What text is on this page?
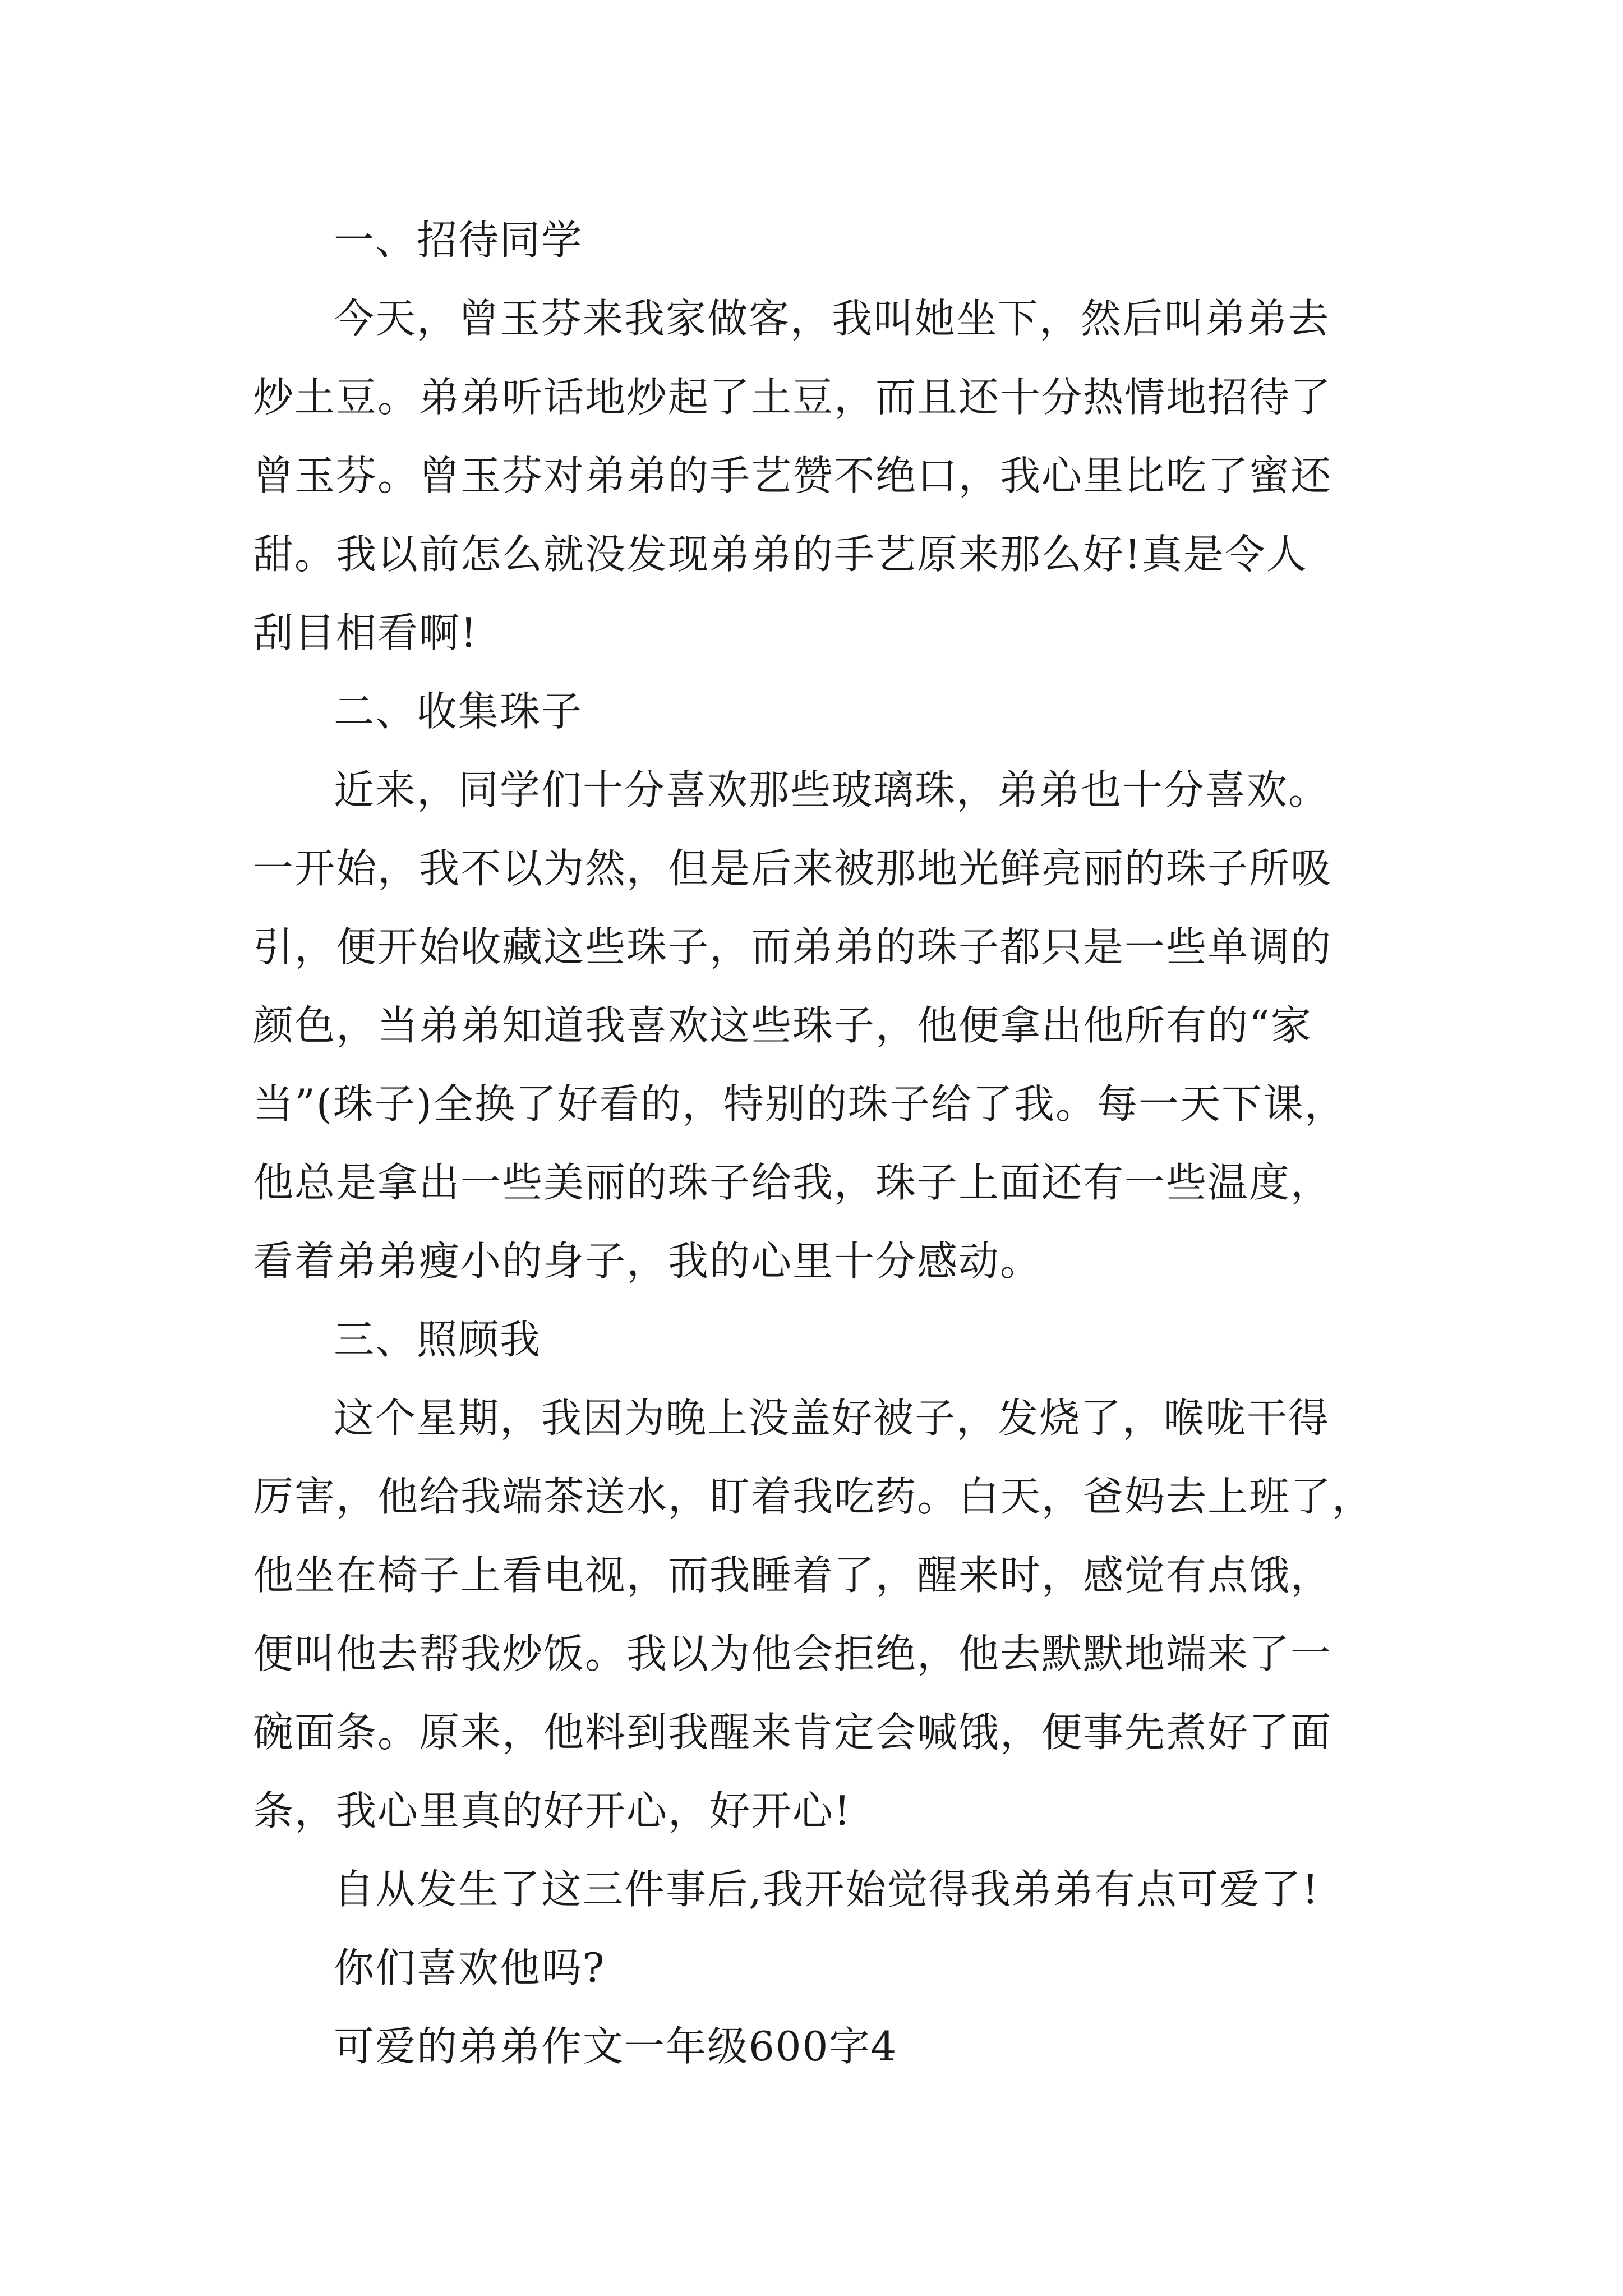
一、招待同学

今天，曾玉芬来我家做客，我叫她坐下，然后叫弟弟去

炒土豆。弟弟听话地炒起了土豆，而且还十分热情地招待了

曾玉芬。曾玉芬对弟弟的手艺赞不绝口，我心里比吃了蜜还

甜。我以前怎么就没发现弟弟的手艺原来那么好!真是令人

刮目相看啊!

二、收集珠子

近来，同学们十分喜欢那些玻璃珠，弟弟也十分喜欢。

一开始，我不以为然，但是后来被那地光鲜亮丽的珠子所吸

引，便开始收藏这些珠子，而弟弟的珠子都只是一些单调的

颜色，当弟弟知道我喜欢这些珠子，他便拿出他所有的“家

当”(珠子)全换了好看的，特别的珠子给了我。每一天下课，

他总是拿出一些美丽的珠子给我，珠子上面还有一些温度，

看着弟弟瘦小的身子，我的心里十分感动。

三、照顾我

这个星期，我因为晚上没盖好被子，发烧了，喉咙干得

厉害，他给我端茶送水，盯着我吃药。白天，爸妈去上班了，

他坐在椅子上看电视，而我睡着了，醒来时，感觉有点饿，

便叫他去帮我炒饭。我以为他会拒绝，他去默默地端来了一

碗面条。原来，他料到我醒来肯定会喊饿，便事先煮好了面

条，我心里真的好开心，好开心!

自从发生了这三件事后,我开始觉得我弟弟有点可爱了!

你们喜欢他吗?

可爱的弟弟作文一年级600字4
